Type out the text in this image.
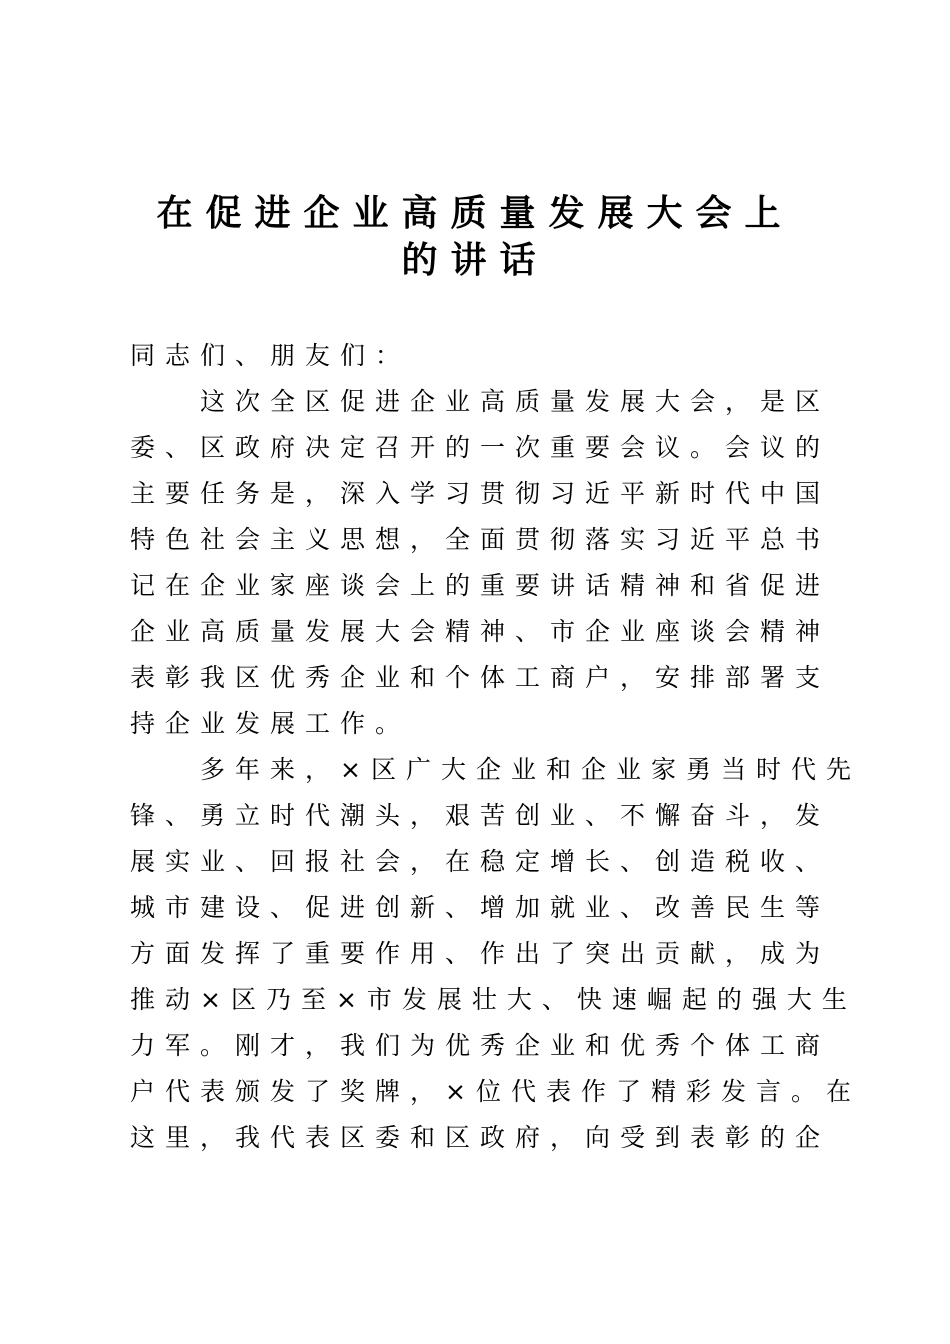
在促进企业高质量发展大会上
的讲话
同志们、朋友们：
　　这次全区促进企业高质量发展大会，是区
委、区政府决定召开的一次重要会议。会议的
主要任务是，深入学习贯彻习近平新时代中国
特色社会主义思想，全面贯彻落实习近平总书
记在企业家座谈会上的重要讲话精神和省促进
企业高质量发展大会精神、市企业座谈会精神
表彰我区优秀企业和个体工商户，安排部署支
持企业发展工作。
　　多年来，×区广大企业和企业家勇当时代先
锋、勇立时代潮头，艰苦创业、不懈奋斗，发
展实业、回报社会，在稳定增长、创造税收、
城市建设、促进创新、增加就业、改善民生等
方面发挥了重要作用、作出了突出贡献，成为
推动×区乃至×市发展壮大、快速崛起的强大生
力军。刚才，我们为优秀企业和优秀个体工商
户代表颁发了奖牌，×位代表作了精彩发言。在
这里，我代表区委和区政府，向受到表彰的企
